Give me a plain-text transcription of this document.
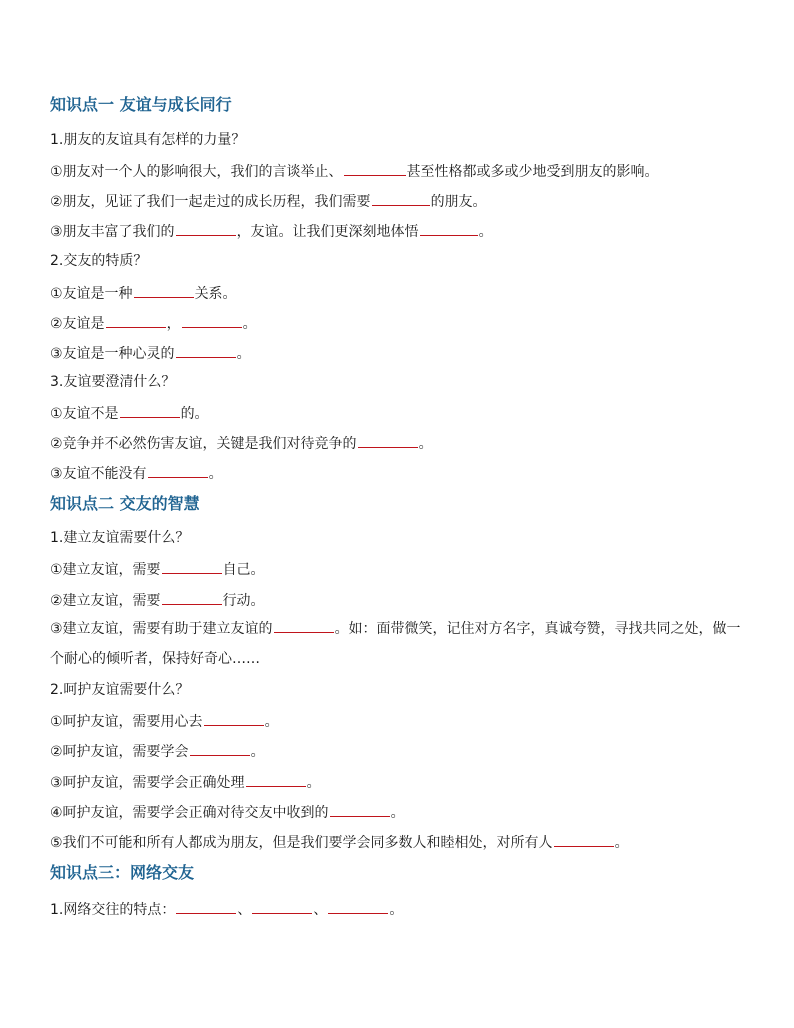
知识点一 友谊与成长同行
1.朋友的友谊具有怎样的力量？
①朋友对一个人的影响很大，我们的言谈举止、	甚至性格都或多或少地受到朋友的影响。
②朋友，见证了我们一起走过的成长历程，我们需要	的朋友。
③朋友丰富了我们的	，友谊。让我们更深刻地体悟	。
2.交友的特质？
①友谊是一种	关系。
②友谊是	，	。
③友谊是一种心灵的	。
3.友谊要澄清什么？
①友谊不是	的。
②竞争并不必然伤害友谊，关键是我们对待竞争的	。
③友谊不能没有	。
知识点二 交友的智慧
1.建立友谊需要什么？
①建立友谊，需要	自己。
②建立友谊，需要	行动。
③建立友谊，需要有助于建立友谊的	。如：面带微笑，记住对方名字，真诚夸赞，寻找共同之处，做一个耐心的倾听者，保持好奇心……
2.呵护友谊需要什么？
①呵护友谊，需要用心去	。
②呵护友谊，需要学会	。
③呵护友谊，需要学会正确处理	。
④呵护友谊，需要学会正确对待交友中收到的	。
⑤我们不可能和所有人都成为朋友，但是我们要学会同多数人和睦相处，对所有人	。
知识点三：网络交友
1.网络交往的特点：	、	、	。
